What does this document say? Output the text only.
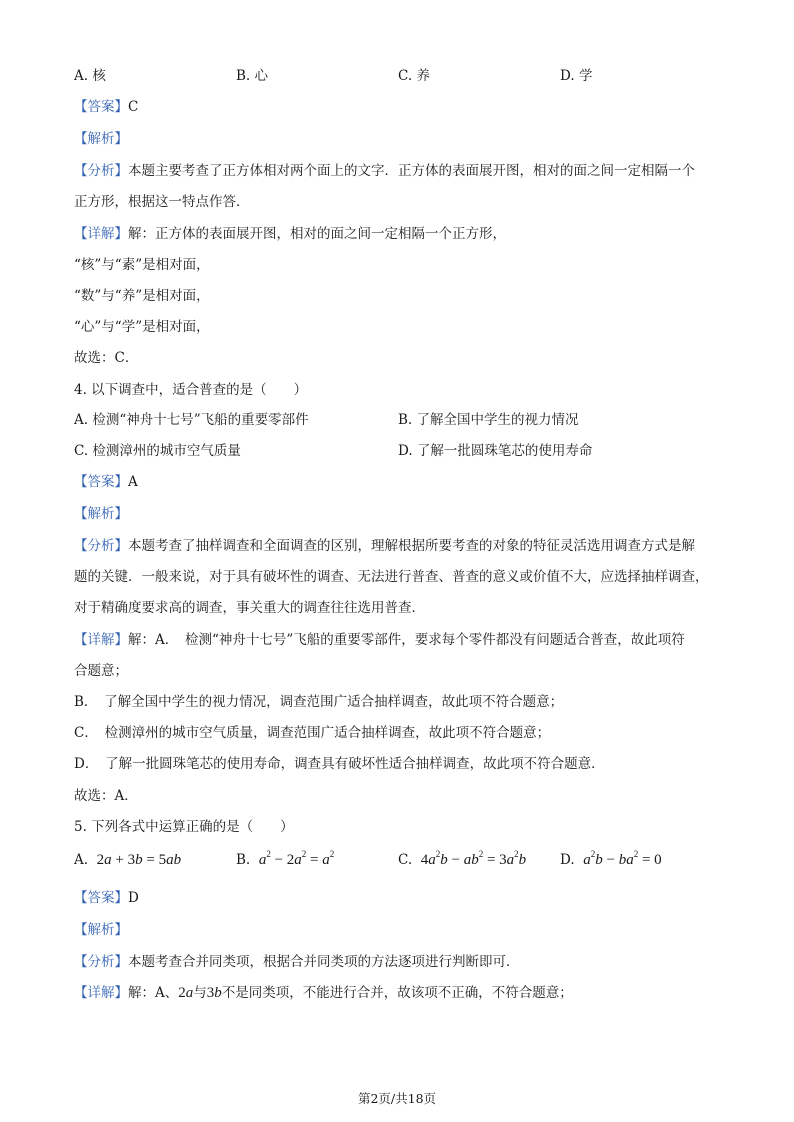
A. 核	B. 心	C. 养	D. 学
【答案】C
【解析】
【分析】本题主要考查了正方体相对两个面上的文字．正方体的表面展开图，相对的面之间一定相隔一个
正方形，根据这一特点作答．
【详解】解：正方体的表面展开图，相对的面之间一定相隔一个正方形，
“核”与“素”是相对面，
“数”与“养”是相对面，
“心”与“学”是相对面，
故选：C．
4. 以下调查中，适合普查的是（　　）
A. 检测“神舟十七号”飞船的重要零部件	B. 了解全国中学生的视力情况
C. 检测漳州的城市空气质量	D. 了解一批圆珠笔芯的使用寿命
【答案】A
【解析】
【分析】本题考查了抽样调查和全面调查的区别，理解根据所要考查的对象的特征灵活选用调查方式是解
题的关键．一般来说，对于具有破坏性的调查、无法进行普查、普查的意义或价值不大，应选择抽样调查，
对于精确度要求高的调查，事关重大的调查往往选用普查．
【详解】解：A．　检测“神舟十七号”飞船的重要零部件，要求每个零件都没有问题适合普查，故此项符
合题意；
B．　了解全国中学生的视力情况，调查范围广适合抽样调查，故此项不符合题意；
C．　检测漳州的城市空气质量，调查范围广适合抽样调查，故此项不符合题意；
D．　了解一批圆珠笔芯的使用寿命，调查具有破坏性适合抽样调查，故此项不符合题意．
故选：A．
5. 下列各式中运算正确的是（　　）
A. 2a + 3b = 5ab	B. $a^2 - 2a^2 = a^2$	C. $4a^2b - ab^2 = 3a^2b$	D. $a^2b - ba^2 = 0$
【答案】D
【解析】
【分析】本题考查合并同类项，根据合并同类项的方法逐项进行判断即可．
【详解】解：A、2a与3b不是同类项，不能进行合并，故该项不正确，不符合题意；
第2页/共18页
